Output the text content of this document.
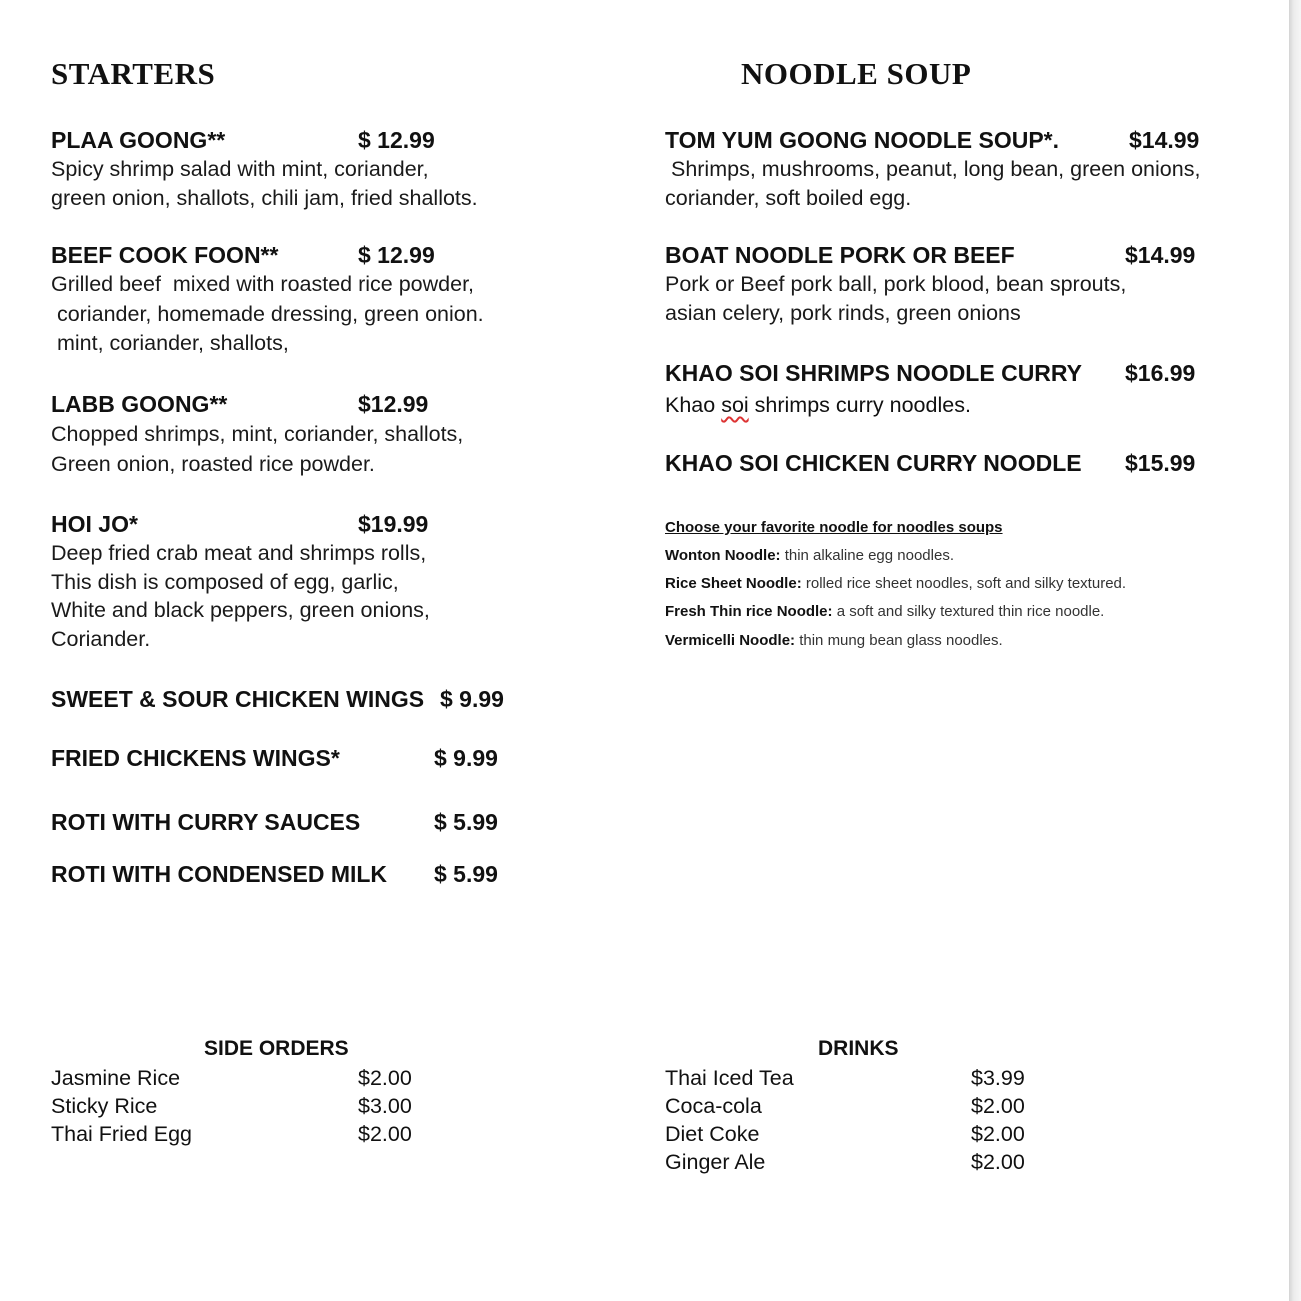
STARTERS
PLAA GOONG**	$ 12.99
Spicy shrimp salad with mint, coriander,
green onion, shallots, chili jam, fried shallots.
BEEF COOK FOON**	$ 12.99
Grilled beef  mixed with roasted rice powder,
coriander, homemade dressing, green onion.
mint, coriander, shallots,
LABB GOONG**	$12.99
Chopped shrimps, mint, coriander, shallots,
Green onion, roasted rice powder.
HOI JO*	$19.99
Deep fried crab meat and shrimps rolls,
This dish is composed of egg, garlic,
White and black peppers, green onions,
Coriander.
SWEET & SOUR CHICKEN WINGS $ 9.99
FRIED CHICKENS WINGS*	$ 9.99
ROTI WITH CURRY SAUCES	$ 5.99
ROTI WITH CONDENSED MILK $ 5.99
NOODLE SOUP
TOM YUM GOONG NOODLE SOUP*.	$14.99
Shrimps, mushrooms, peanut, long bean, green onions,
coriander, soft boiled egg.
BOAT NOODLE PORK OR BEEF	$14.99
Pork or Beef pork ball, pork blood, bean sprouts,
asian celery, pork rinds, green onions
KHAO SOI SHRIMPS NOODLE CURRY $16.99
Khao soi shrimps curry noodles.
KHAO SOI CHICKEN CURRY NOODLE $15.99
Choose your favorite noodle for noodles soups
Wonton Noodle: thin alkaline egg noodles.
Rice Sheet Noodle: rolled rice sheet noodles, soft and silky textured.
Fresh Thin rice Noodle: a soft and silky textured thin rice noodle.
Vermicelli Noodle: thin mung bean glass noodles.
SIDE ORDERS
Jasmine Rice	$2.00
Sticky Rice	$3.00
Thai Fried Egg	$2.00
DRINKS
Thai Iced Tea	$3.99
Coca-cola	$2.00
Diet Coke	$2.00
Ginger Ale	$2.00
